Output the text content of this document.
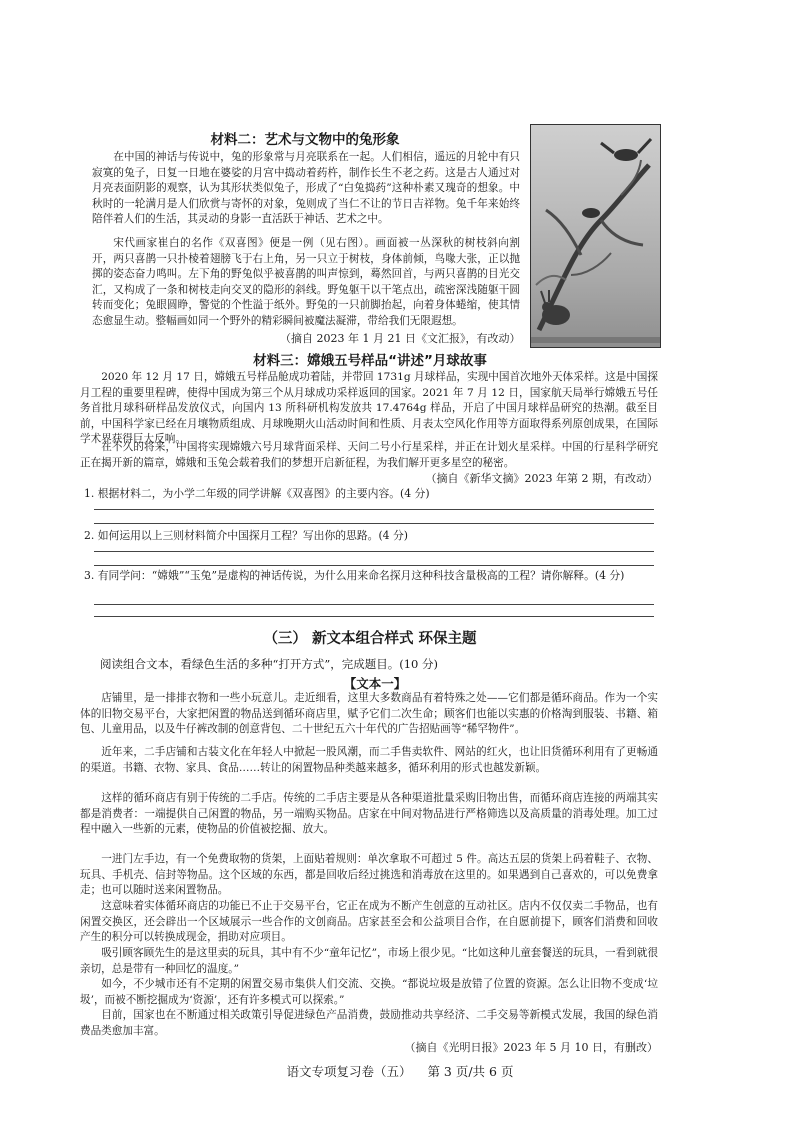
材料二：艺术与文物中的兔形象

在中国的神话与传说中，兔的形象常与月亮联系在一起。人们相信，遥远的月轮中有只寂寞的兔子，日复一日地在婆娑的月宫中捣动着药杵，制作长生不老之药。这是古人通过对月亮表面阴影的观察，认为其形状类似兔子，形成了“白兔捣药”这种朴素又瑰奇的想象。中秋时的一轮满月是人们欣赏与寄怀的对象，兔则成了当仁不让的节日吉祥物。兔千年来始终陪伴着人们的生活，其灵动的身影一直活跃于神话、艺术之中。

宋代画家崔白的名作《双喜图》便是一例（见右图）。画面被一丛深秋的树枝斜向割开，两只喜鹊一只扑棱着翅膀飞于右上角，另一只立于树枝，身体前倾，鸟喙大张，正以抛掷的姿态奋力鸣叫。左下角的野兔似乎被喜鹊的叫声惊到，蓦然回首，与两只喜鹊的目光交汇，又构成了一条和树枝走向交叉的隐形的斜线。野兔躯干以干笔点出，疏密深浅随躯干圆转而变化；兔眼圆睁，警觉的个性溢于纸外。野兔的一只前脚抬起，向着身体蜷缩，使其情态愈显生动。整幅画如同一个野外的精彩瞬间被魔法凝滞，带给我们无限遐想。

（摘自 2023 年 1 月 21 日《文汇报》，有改动）
材料三：嫦娥五号样品“讲述”月球故事

2020 年 12 月 17 日，嫦娥五号样品舱成功着陆，并带回 1731g 月球样品，实现中国首次地外天体采样。这是中国探月工程的重要里程碑，使得中国成为第三个从月球成功采样返回的国家。2021 年 7 月 12 日，国家航天局举行嫦娥五号任务首批月球科研样品发放仪式，向国内 13 所科研机构发放共 17.4764g 样品，开启了中国月球样品研究的热潮。截至目前，中国科学家已经在月壤物质组成、月球晚期火山活动时间和性质、月表太空风化作用等方面取得系列原创成果，在国际学术界获得巨大反响。

在不久的将来，中国将实现嫦娥六号月球背面采样、天问二号小行星采样，并正在计划火星采样。中国的行星科学研究正在揭开新的篇章，嫦娥和玉兔会载着我们的梦想开启新征程，为我们解开更多星空的秘密。

（摘自《新华文摘》2023 年第 2 期，有改动）
1. 根据材料二，为小学二年级的同学讲解《双喜图》的主要内容。(4 分)
2. 如何运用以上三则材料简介中国探月工程？写出你的思路。(4 分)
3. 有同学问：“嫦娥”“玉兔”是虚构的神话传说，为什么用来命名探月这种科技含量极高的工程？请你解释。(4 分)
（三） 新文本组合样式 环保主题
阅读组合文本，看绿色生活的多种“打开方式”，完成题目。(10 分)
【文本一】

店铺里，是一排排衣物和一些小玩意儿。走近细看，这里大多数商品有着特殊之处——它们都是循环商品。作为一个实体的旧物交易平台，大家把闲置的物品送到循环商店里，赋予它们二次生命；顾客们也能以实惠的价格淘到服装、书籍、箱包、儿童用品，以及牛仔裤改制的创意背包、二十世纪五六十年代的广告招贴画等“稀罕物件”。

近年来，二手店铺和古装文化在年轻人中掀起一股风潮，而二手售卖软件、网站的红火，也让旧货循环利用有了更畅通的渠道。书籍、衣物、家具、食品……转让的闲置物品种类越来越多，循环利用的形式也越发新颖。

这样的循环商店有别于传统的二手店。传统的二手店主要是从各种渠道批量采购旧物出售，而循环商店连接的两端其实都是消费者：一端提供自己闲置的物品，另一端购买物品。店家在中间对物品进行严格筛选以及高质量的消毒处理。加工过程中融入一些新的元素，使物品的价值被挖掘、放大。

一进门左手边，有一个免费取物的货架，上面贴着规则：单次拿取不可超过 5 件。高达五层的货架上码着鞋子、衣物、玩具、手机壳、信封等物品。这个区域的东西，都是回收后经过挑选和消毒放在这里的。如果遇到自己喜欢的，可以免费拿走；也可以随时送来闲置物品。

这意味着实体循环商店的功能已不止于交易平台，它正在成为不断产生创意的互动社区。店内不仅仅卖二手物品，也有闲置交换区，还会辟出一个区域展示一些合作的文创商品。店家甚至会和公益项目合作，在自愿前提下，顾客们消费和回收产生的积分可以转换成现金，捐助对应项目。

吸引顾客顾先生的是这里卖的玩具，其中有不少“童年记忆”，市场上很少见。“比如这种儿童套餐送的玩具，一看到就很亲切，总是带有一种回忆的温度。”

如今，不少城市还有不定期的闲置交易市集供人们交流、交换。“都说垃圾是放错了位置的资源。怎么让旧物不变成‘垃圾’，而被不断挖掘成为‘资源’，还有许多模式可以探索。”

目前，国家也在不断通过相关政策引导促进绿色产品消费，鼓励推动共享经济、二手交易等新模式发展，我国的绿色消费品类愈加丰富。

（摘自《光明日报》2023 年 5 月 10 日，有删改）
语文专项复习卷（五）    第 3 页/共 6 页
